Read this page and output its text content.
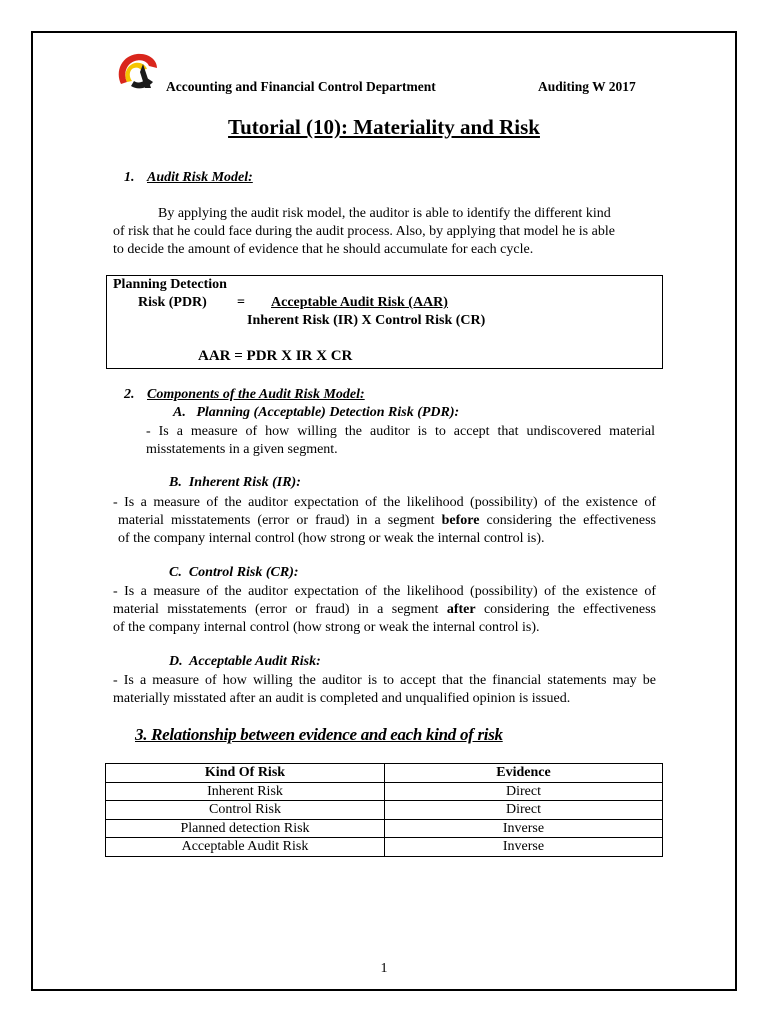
Accounting and Financial Control Department	Auditing W 2017
Tutorial (10): Materiality and Risk
1. Audit Risk Model:
By applying the audit risk model, the auditor is able to identify the different kind
of risk that he could face during the audit process. Also, by applying that model he is able
to decide the amount of evidence that he should accumulate for each cycle.
Planning Detection
Risk (PDR) = Acceptable Audit Risk (AAR)
Inherent Risk (IR) X Control Risk (CR)
AAR = PDR X IR X CR
2. Components of the Audit Risk Model:
A.   Planning (Acceptable) Detection Risk (PDR):
- Is a measure of how willing the auditor is to accept that undiscovered material
misstatements in a given segment.
B.  Inherent Risk (IR):
- Is a measure of the auditor expectation of the likelihood (possibility) of the existence of
material misstatements (error or fraud) in a segment before considering the effectiveness
of the company internal control (how strong or weak the internal control is).
C.  Control Risk (CR):
- Is a measure of the auditor expectation of the likelihood (possibility) of the existence of
material misstatements (error or fraud) in a segment after considering the effectiveness
of the company internal control (how strong or weak the internal control is).
D.  Acceptable Audit Risk:
- Is a measure of how willing the auditor is to accept that the financial statements may be
materially misstated after an audit is completed and unqualified opinion is issued.
3. Relationship between evidence and each kind of risk
Kind Of Risk	Evidence
Inherent Risk	Direct
Control Risk	Direct
Planned detection Risk	Inverse
Acceptable Audit Risk	Inverse
1
